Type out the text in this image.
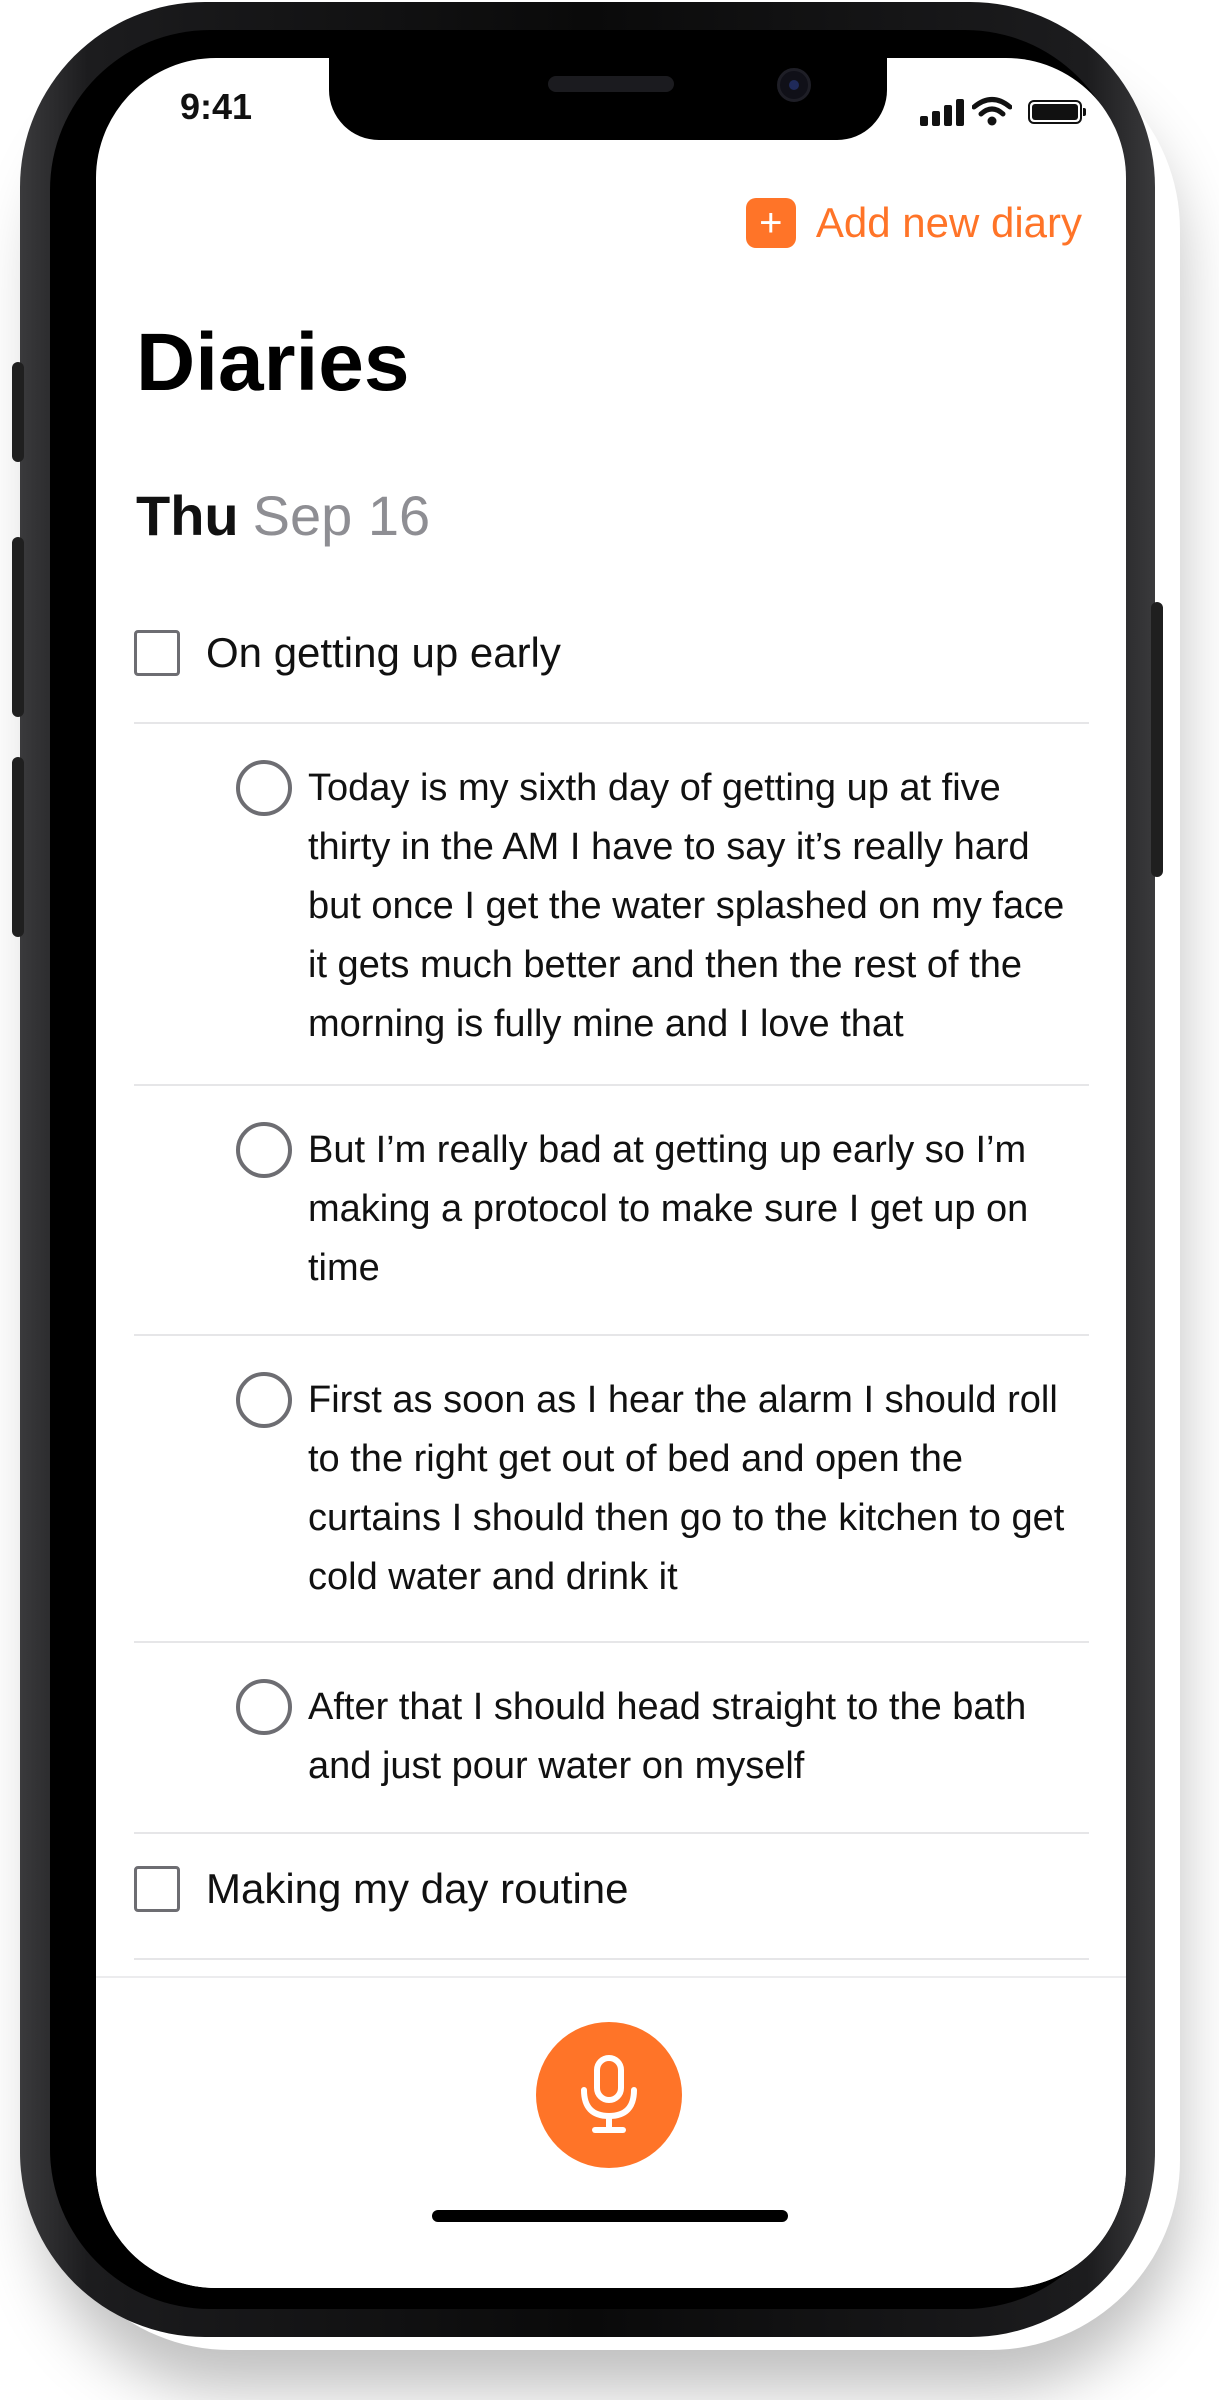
9:41
+ Add new diary
Diaries
Thu Sep 16
On getting up early
Today is my sixth day of getting up at five thirty in the AM I have to say it’s really hard but once I get the water splashed on my face it gets much better and then the rest of the morning is fully mine and I love that
But I’m really bad at getting up early so I’m making a protocol to make sure I get up on time
First as soon as I hear the alarm I should roll to the right get out of bed and open the curtains I should then go to the kitchen to get cold water and drink it
After that I should head straight to the bath and just pour water on myself
Making my day routine
